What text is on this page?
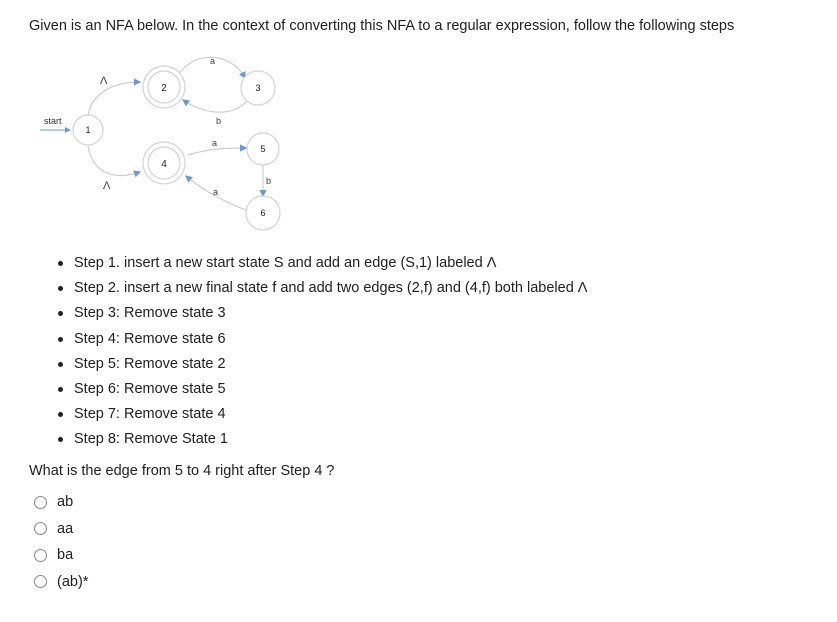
Given is an NFA below. In the context of converting this NFA to a regular expression, follow the following steps
start
Λ
Λ
a
b
a
b
a
1
2	3
4
5
6
Step 1. insert a new start state S and add an edge (S,1) labeled Λ
Step 2. insert a new final state f and add two edges (2,f) and (4,f) both labeled Λ
Step 3: Remove state 3
Step 4: Remove state 6
Step 5: Remove state 2
Step 6: Remove state 5
Step 7: Remove state 4
Step 8: Remove State 1
What is the edge from 5 to 4 right after Step 4 ?
ab
aa
ba
(ab)*
